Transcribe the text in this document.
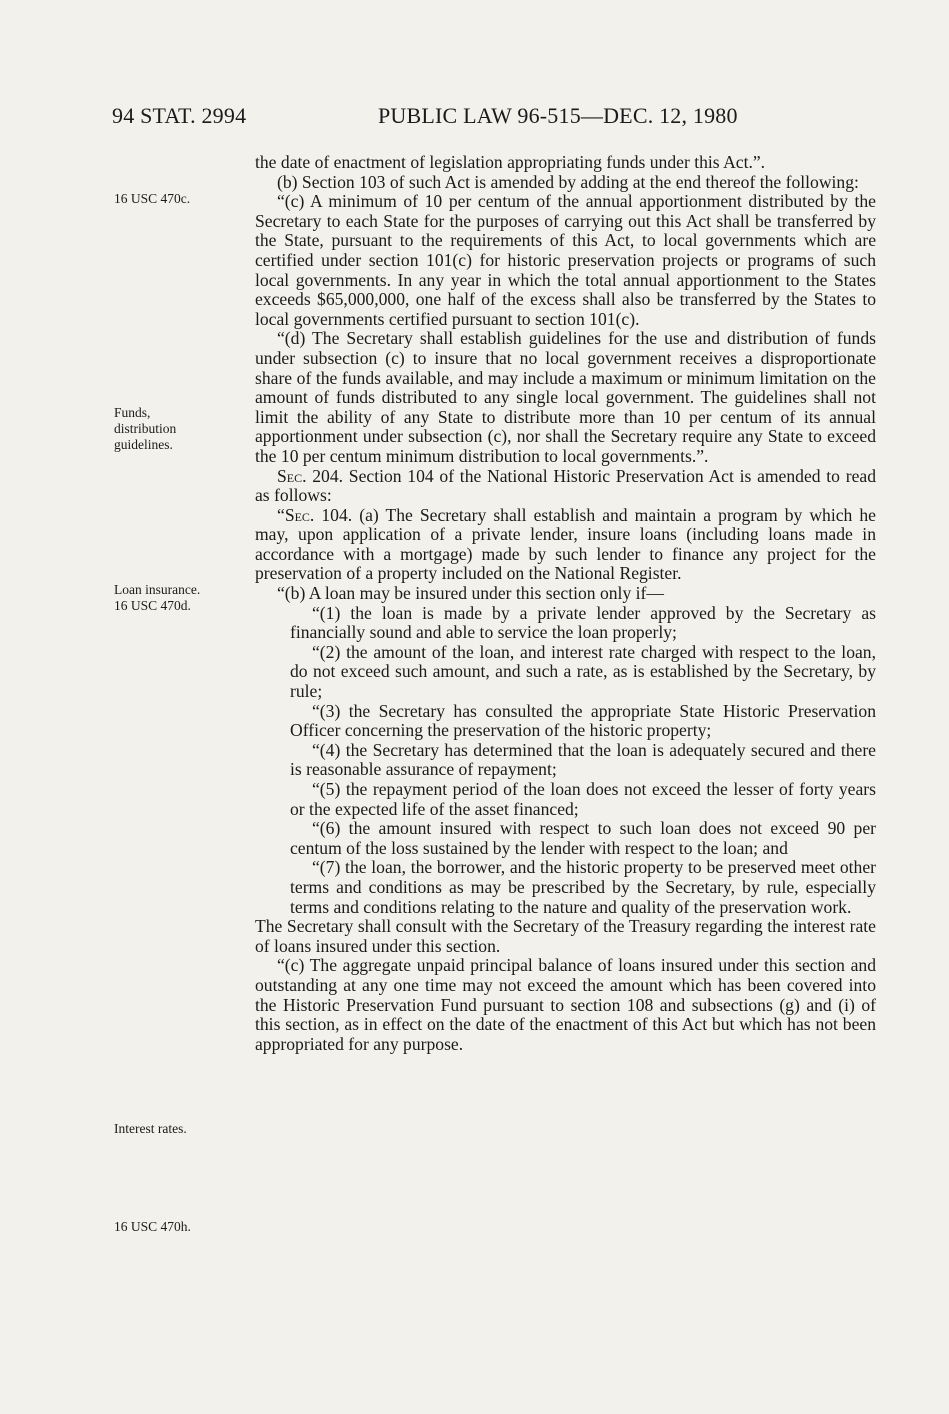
94 STAT. 2994	PUBLIC LAW 96-515—DEC. 12, 1980
16 USC 470c.
Funds,
distribution
guidelines.
Loan insurance.
16 USC 470d.
Interest rates.
16 USC 470h.

the date of enactment of legislation appropriating funds under this Act.”.

(b) Section 103 of such Act is amended by adding at the end thereof the following:

“(c) A minimum of 10 per centum of the annual apportionment distributed by the Secretary to each State for the purposes of carrying out this Act shall be transferred by the State, pursuant to the requirements of this Act, to local governments which are certified under section 101(c) for historic preservation projects or programs of such local governments. In any year in which the total annual apportionment to the States exceeds $65,000,000, one half of the excess shall also be transferred by the States to local governments certified pursuant to section 101(c).

“(d) The Secretary shall establish guidelines for the use and distribution of funds under subsection (c) to insure that no local government receives a disproportionate share of the funds available, and may include a maximum or minimum limitation on the amount of funds distributed to any single local government. The guidelines shall not limit the ability of any State to distribute more than 10 per centum of its annual apportionment under subsection (c), nor shall the Secretary require any State to exceed the 10 per centum minimum distribution to local governments.”.

Sec. 204. Section 104 of the National Historic Preservation Act is amended to read as follows:

“Sec. 104. (a) The Secretary shall establish and maintain a program by which he may, upon application of a private lender, insure loans (including loans made in accordance with a mortgage) made by such lender to finance any project for the preservation of a property included on the National Register.

“(b) A loan may be insured under this section only if—

“(1) the loan is made by a private lender approved by the Secretary as financially sound and able to service the loan properly;

“(2) the amount of the loan, and interest rate charged with respect to the loan, do not exceed such amount, and such a rate, as is established by the Secretary, by rule;

“(3) the Secretary has consulted the appropriate State Historic Preservation Officer concerning the preservation of the historic property;

“(4) the Secretary has determined that the loan is adequately secured and there is reasonable assurance of repayment;

“(5) the repayment period of the loan does not exceed the lesser of forty years or the expected life of the asset financed;

“(6) the amount insured with respect to such loan does not exceed 90 per centum of the loss sustained by the lender with respect to the loan; and

“(7) the loan, the borrower, and the historic property to be preserved meet other terms and conditions as may be prescribed by the Secretary, by rule, especially terms and conditions relating to the nature and quality of the preservation work.

The Secretary shall consult with the Secretary of the Treasury regarding the interest rate of loans insured under this section.

“(c) The aggregate unpaid principal balance of loans insured under this section and outstanding at any one time may not exceed the amount which has been covered into the Historic Preservation Fund pursuant to section 108 and subsections (g) and (i) of this section, as in effect on the date of the enactment of this Act but which has not been appropriated for any purpose.
